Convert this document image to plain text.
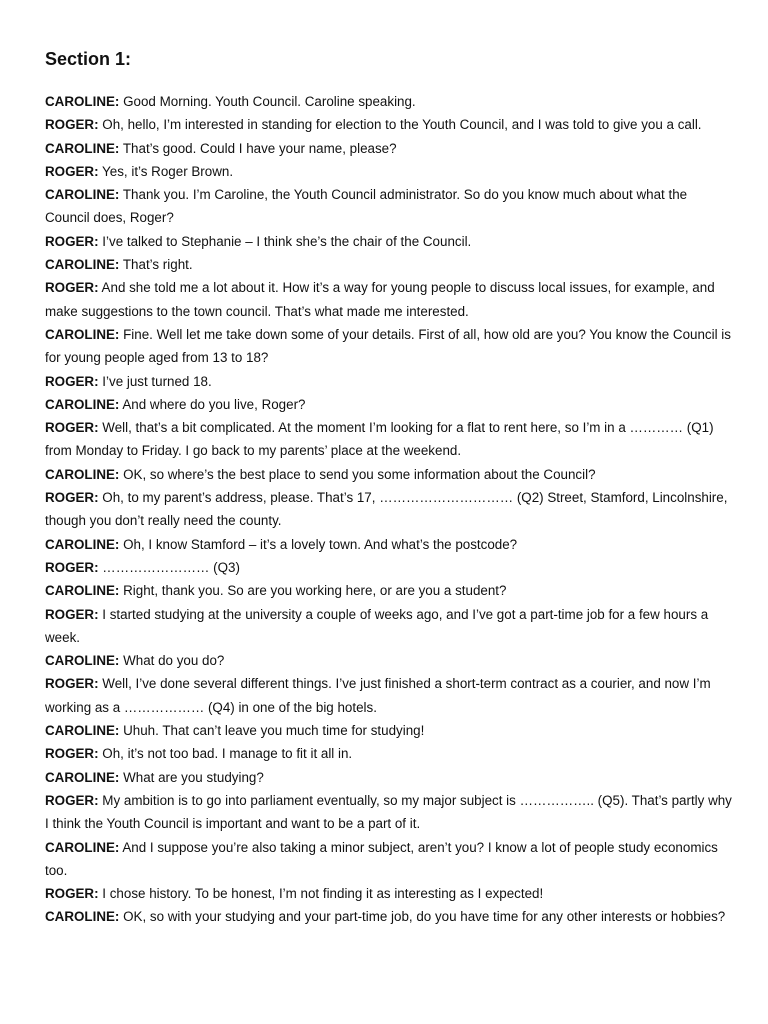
Section 1:

CAROLINE: Good Morning. Youth Council. Caroline speaking.

ROGER: Oh, hello, I’m interested in standing for election to the Youth Council, and I was told to give you a call.

CAROLINE: That’s good. Could I have your name, please?

ROGER: Yes, it’s Roger Brown.

CAROLINE: Thank you. I’m Caroline, the Youth Council administrator. So do you know much about what the Council does, Roger?

ROGER: I’ve talked to Stephanie – I think she’s the chair of the Council.

CAROLINE: That’s right.

ROGER: And she told me a lot about it. How it’s a way for young people to discuss local issues, for example, and make suggestions to the town council. That’s what made me interested.

CAROLINE: Fine. Well let me take down some of your details. First of all, how old are you? You know the Council is for young people aged from 13 to 18?

ROGER: I’ve just turned 18.

CAROLINE: And where do you live, Roger?

ROGER: Well, that’s a bit complicated. At the moment I’m looking for a flat to rent here, so I’m in a ………… (Q1) from Monday to Friday. I go back to my parents’ place at the weekend.

CAROLINE: OK, so where’s the best place to send you some information about the Council?

ROGER: Oh, to my parent’s address, please. That’s 17, ………………………… (Q2) Street, Stamford, Lincolnshire, though you don’t really need the county.

CAROLINE: Oh, I know Stamford – it’s a lovely town. And what’s the postcode?

ROGER: …………………… (Q3)

CAROLINE: Right, thank you. So are you working here, or are you a student?

ROGER: I started studying at the university a couple of weeks ago, and I’ve got a part-time job for a few hours a week.

CAROLINE: What do you do?

ROGER: Well, I’ve done several different things. I’ve just finished a short-term contract as a courier, and now I’m working as a ……………… (Q4) in one of the big hotels.

CAROLINE: Uhuh. That can’t leave you much time for studying!

ROGER: Oh, it’s not too bad. I manage to fit it all in.

CAROLINE: What are you studying?

ROGER: My ambition is to go into parliament eventually, so my major subject is …………….. (Q5). That’s partly why I think the Youth Council is important and want to be a part of it.

CAROLINE: And I suppose you’re also taking a minor subject, aren’t you? I know a lot of people study economics too.

ROGER: I chose history. To be honest, I’m not finding it as interesting as I expected!

CAROLINE: OK, so with your studying and your part-time job, do you have time for any other interests or hobbies?
